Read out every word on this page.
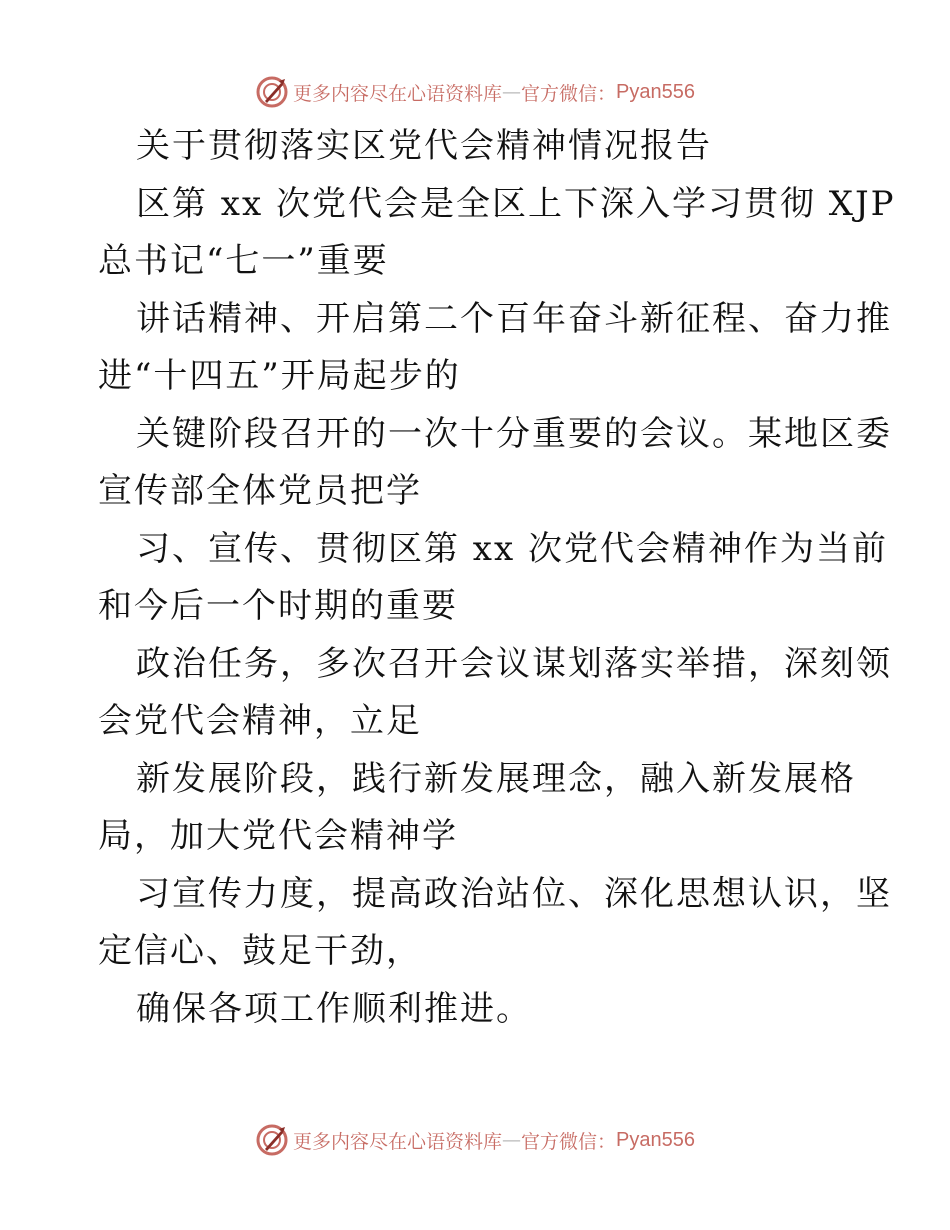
更多内容尽在心语资料库 — 官方微信： Pyan556
关于贯彻落实区党代会精神情况报告
区第 xx 次党代会是全区上下深入学习贯彻 XJP
总书记“七一”重要
讲话精神、开启第二个百年奋斗新征程、奋力推
进“十四五”开局起步的
关键阶段召开的一次十分重要的会议。某地区委
宣传部全体党员把学
习、宣传、贯彻区第 xx 次党代会精神作为当前
和今后一个时期的重要
政治任务，多次召开会议谋划落实举措，深刻领
会党代会精神，立足
新发展阶段，践行新发展理念，融入新发展格
局，加大党代会精神学
习宣传力度，提高政治站位、深化思想认识，坚
定信心、鼓足干劲，
确保各项工作顺利推进。
更多内容尽在心语资料库 — 官方微信： Pyan556
